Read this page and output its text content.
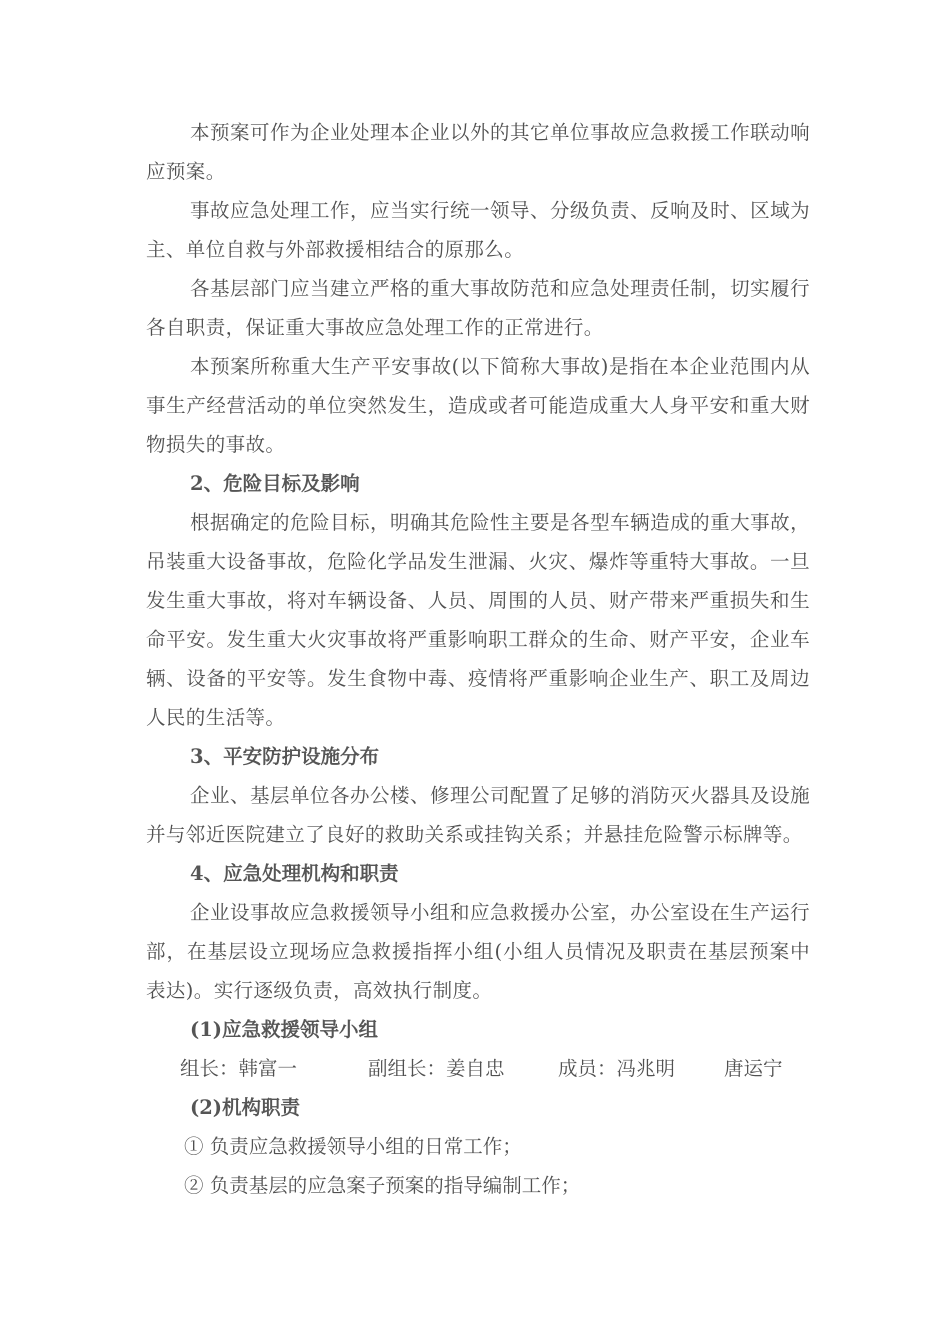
本预案可作为企业处理本企业以外的其它单位事故应急救援工作联动响应预案。

事故应急处理工作，应当实行统一领导、分级负责、反响及时、区域为主、单位自救与外部救援相结合的原那么。

各基层部门应当建立严格的重大事故防范和应急处理责任制，切实履行各自职责，保证重大事故应急处理工作的正常进行。

本预案所称重大生产平安事故(以下简称大事故)是指在本企业范围内从事生产经营活动的单位突然发生，造成或者可能造成重大人身平安和重大财物损失的事故。

2、危险目标及影响

根据确定的危险目标，明确其危险性主要是各型车辆造成的重大事故，吊装重大设备事故，危险化学品发生泄漏、火灾、爆炸等重特大事故。一旦发生重大事故，将对车辆设备、人员、周围的人员、财产带来严重损失和生命平安。发生重大火灾事故将严重影响职工群众的生命、财产平安，企业车辆、设备的平安等。发生食物中毒、疫情将严重影响企业生产、职工及周边人民的生活等。

3、平安防护设施分布

企业、基层单位各办公楼、修理公司配置了足够的消防灭火器具及设施并与邻近医院建立了良好的救助关系或挂钩关系；并悬挂危险警示标牌等。

4、应急处理机构和职责

企业设事故应急救援领导小组和应急救援办公室，办公室设在生产运行部，在基层设立现场应急救援指挥小组(小组人员情况及职责在基层预案中表达)。实行逐级负责，高效执行制度。

(1)应急救援领导小组

组长：韩富一	副组长：姜自忠	成员：冯兆明	唐运宁

(2)机构职责

① 负责应急救援领导小组的日常工作；

② 负责基层的应急案子预案的指导编制工作；
